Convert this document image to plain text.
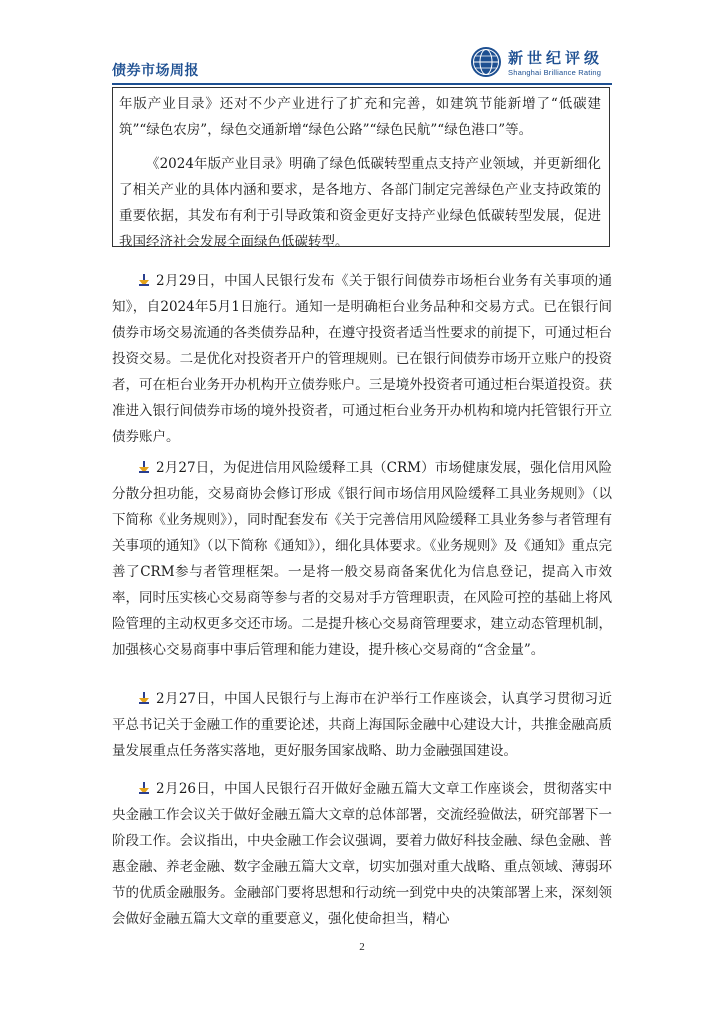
债券市场周报
新世纪评级
Shanghai Brilliance Rating

年版产业目录》还对不少产业进行了扩充和完善，如建筑节能新增了“低碳建筑”“绿色农房”，绿色交通新增“绿色公路”“绿色民航”“绿色港口”等。

《2024年版产业目录》明确了绿色低碳转型重点支持产业领域，并更新细化了相关产业的具体内涵和要求，是各地方、各部门制定完善绿色产业支持政策的重要依据，其发布有利于引导政策和资金更好支持产业绿色低碳转型发展，促进我国经济社会发展全面绿色低碳转型。

2月29日，中国人民银行发布《关于银行间债券市场柜台业务有关事项的通知》，自2024年5月1日施行。通知一是明确柜台业务品种和交易方式。已在银行间债券市场交易流通的各类债券品种，在遵守投资者适当性要求的前提下，可通过柜台投资交易。二是优化对投资者开户的管理规则。已在银行间债券市场开立账户的投资者，可在柜台业务开办机构开立债券账户。三是境外投资者可通过柜台渠道投资。获准进入银行间债券市场的境外投资者，可通过柜台业务开办机构和境内托管银行开立债券账户。

2月27日，为促进信用风险缓释工具（CRM）市场健康发展，强化信用风险分散分担功能，交易商协会修订形成《银行间市场信用风险缓释工具业务规则》（以下简称《业务规则》），同时配套发布《关于完善信用风险缓释工具业务参与者管理有关事项的通知》（以下简称《通知》），细化具体要求。《业务规则》及《通知》重点完善了CRM参与者管理框架。一是将一般交易商备案优化为信息登记，提高入市效率，同时压实核心交易商等参与者的交易对手方管理职责，在风险可控的基础上将风险管理的主动权更多交还市场。二是提升核心交易商管理要求，建立动态管理机制，加强核心交易商事中事后管理和能力建设，提升核心交易商的“含金量”。

2月27日，中国人民银行与上海市在沪举行工作座谈会，认真学习贯彻习近平总书记关于金融工作的重要论述，共商上海国际金融中心建设大计，共推金融高质量发展重点任务落实落地，更好服务国家战略、助力金融强国建设。

2月26日，中国人民银行召开做好金融五篇大文章工作座谈会，贯彻落实中央金融工作会议关于做好金融五篇大文章的总体部署，交流经验做法，研究部署下一阶段工作。会议指出，中央金融工作会议强调，要着力做好科技金融、绿色金融、普惠金融、养老金融、数字金融五篇大文章，切实加强对重大战略、重点领域、薄弱环节的优质金融服务。金融部门要将思想和行动统一到党中央的决策部署上来，深刻领会做好金融五篇大文章的重要意义，强化使命担当，精心

2
